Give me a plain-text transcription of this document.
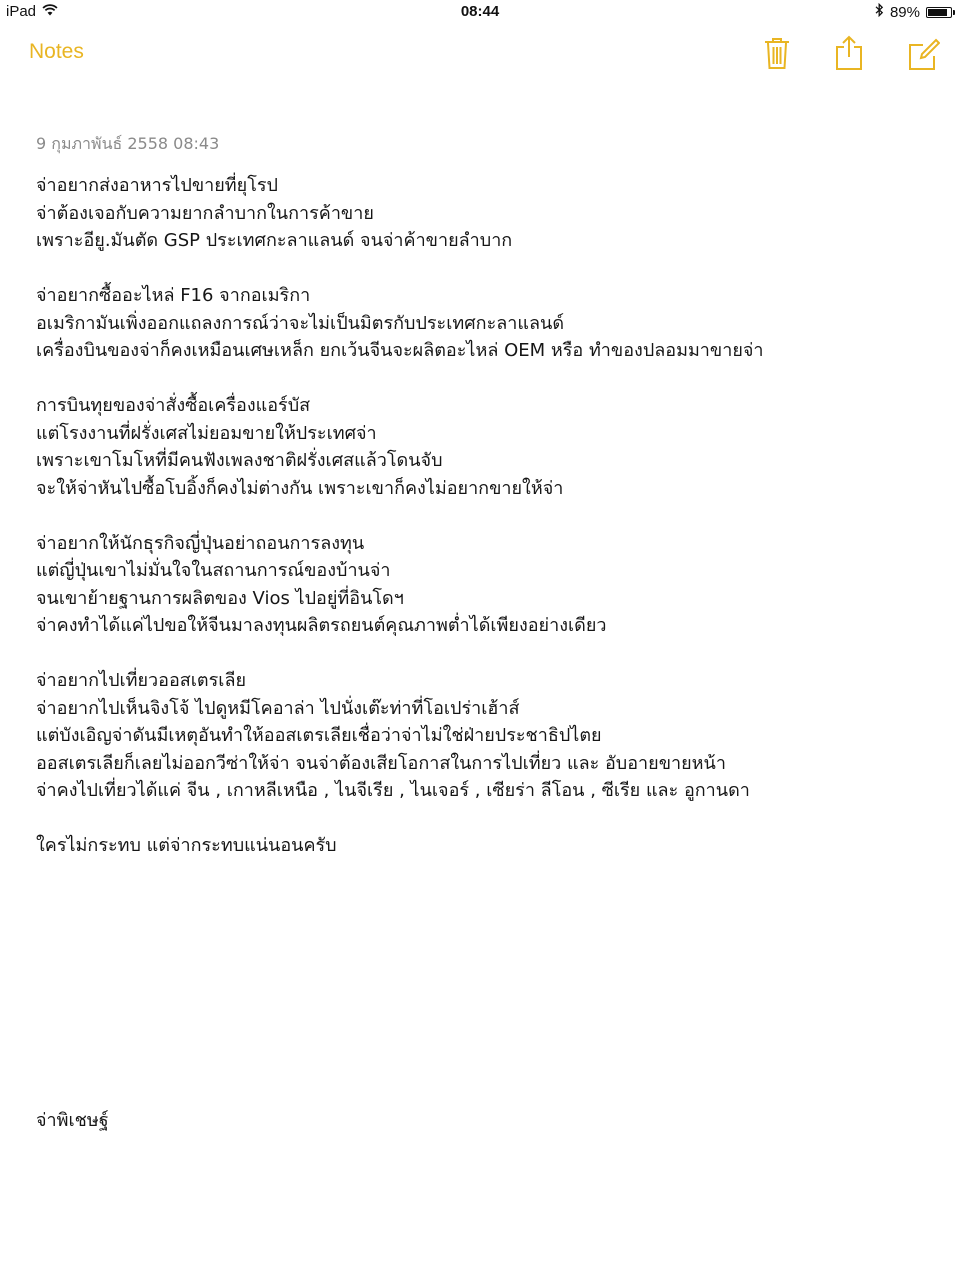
iPad	08:44	89%
Notes
9 กุมภาพันธ์ 2558 08:43
จ่าอยากส่งอาหารไปขายที่ยุโรป
จ่าต้องเจอกับความยากลำบากในการค้าขาย
เพราะอียู.มันตัด GSP ประเทศกะลาแลนด์ จนจ่าค้าขายลำบาก
จ่าอยากซื้ออะไหล่ F16 จากอเมริกา
อเมริกามันเพิ่งออกแถลงการณ์ว่าจะไม่เป็นมิตรกับประเทศกะลาแลนด์
เครื่องบินของจ่าก็คงเหมือนเศษเหล็ก ยกเว้นจีนจะผลิตอะไหล่ OEM หรือ ทำของปลอมมาขายจ่า
การบินทุยของจ่าสั่งซื้อเครื่องแอร์บัส
แต่โรงงานที่ฝรั่งเศสไม่ยอมขายให้ประเทศจ่า
เพราะเขาโมโหที่มีคนฟังเพลงชาติฝรั่งเศสแล้วโดนจับ
จะให้จ่าหันไปซื้อโบอิ้งก็คงไม่ต่างกัน เพราะเขาก็คงไม่อยากขายให้จ่า
จ่าอยากให้นักธุรกิจญี่ปุ่นอย่าถอนการลงทุน
แต่ญี่ปุ่นเขาไม่มั่นใจในสถานการณ์ของบ้านจ่า
จนเขาย้ายฐานการผลิตของ Vios ไปอยู่ที่อินโดฯ
จ่าคงทำได้แค่ไปขอให้จีนมาลงทุนผลิตรถยนต์คุณภาพต่ำได้เพียงอย่างเดียว
จ่าอยากไปเที่ยวออสเตรเลีย
จ่าอยากไปเห็นจิงโจ้ ไปดูหมีโคอาล่า ไปนั่งเต๊ะท่าที่โอเปร่าเฮ้าส์
แต่บังเอิญจ่าดันมีเหตุอันทำให้ออสเตรเลียเชื่อว่าจ่าไม่ใช่ฝ่ายประชาธิปไตย
ออสเตรเลียก็เลยไม่ออกวีซ่าให้จ่า จนจ่าต้องเสียโอกาสในการไปเที่ยว และ อับอายขายหน้า
จ่าคงไปเที่ยวได้แค่ จีน , เกาหลีเหนือ , ไนจีเรีย , ไนเจอร์ , เซียร่า ลีโอน , ซีเรีย และ อูกานดา
ใครไม่กระทบ แต่จ่ากระทบแน่นอนครับ
จ่าพิเชษฐ์
